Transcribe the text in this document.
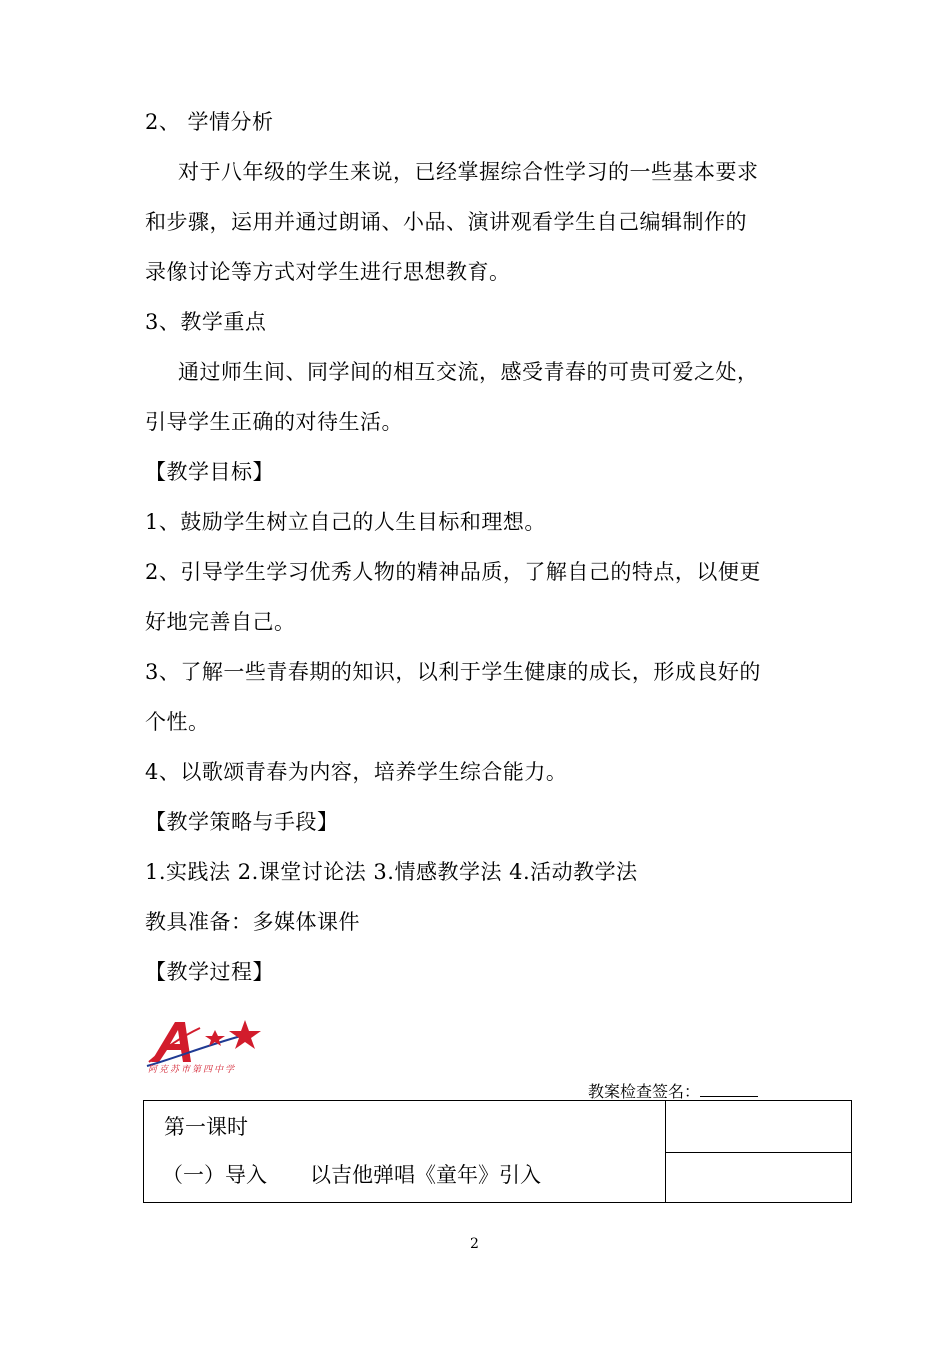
2、 学情分析
对于八年级的学生来说，已经掌握综合性学习的一些基本要求
和步骤，运用并通过朗诵、小品、演讲观看学生自己编辑制作的
录像讨论等方式对学生进行思想教育。
3、教学重点
通过师生间、同学间的相互交流，感受青春的可贵可爱之处，
引导学生正确的对待生活。
【教学目标】
1、鼓励学生树立自己的人生目标和理想。
2、引导学生学习优秀人物的精神品质，了解自己的特点，以便更
好地完善自己。
3、了解一些青春期的知识，以利于学生健康的成长，形成良好的
个性。
4、以歌颂青春为内容，培养学生综合能力。
【教学策略与手段】
1.实践法 2.课堂讨论法 3.情感教学法 4.活动教学法
教具准备：多媒体课件
【教学过程】
阿克苏市第四中学
教案检查签名：
第一课时
（一）导入 以吉他弹唱《童年》引入

2
